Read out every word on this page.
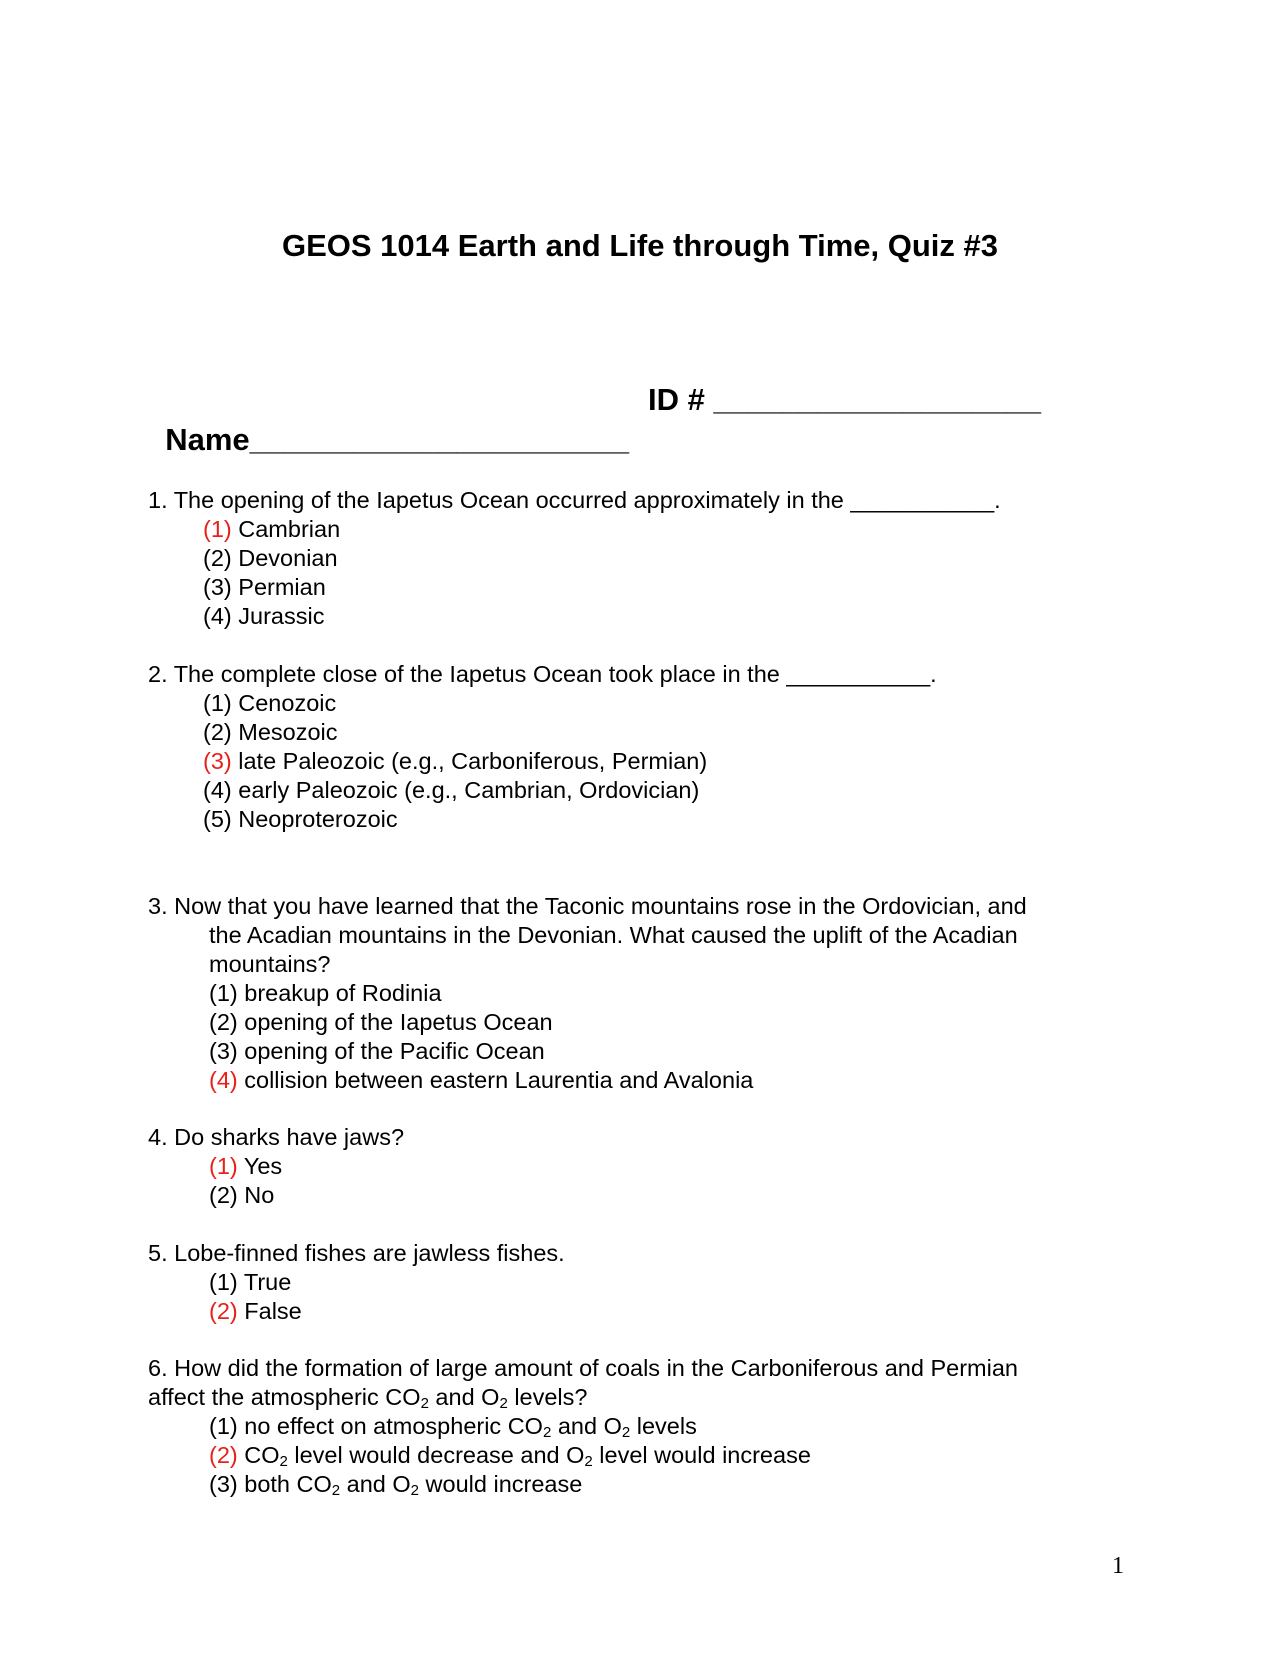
GEOS 1014 Earth and Life through Time, Quiz #3

Name______________________

ID # ___________________

1. The opening of the Iapetus Ocean occurred approximately in the ___________.
(1) Cambrian
(2) Devonian
(3) Permian
(4) Jurassic
2. The complete close of the Iapetus Ocean took place in the ___________.
(1) Cenozoic
(2) Mesozoic
(3) late Paleozoic (e.g., Carboniferous, Permian)
(4) early Paleozoic (e.g., Cambrian, Ordovician)
(5) Neoproterozoic
3. Now that you have learned that the Taconic mountains rose in the Ordovician, and
the Acadian mountains in the Devonian. What caused the uplift of the Acadian
mountains?
(1) breakup of Rodinia
(2) opening of the Iapetus Ocean
(3) opening of the Pacific Ocean
(4) collision between eastern Laurentia and Avalonia
4. Do sharks have jaws?
(1) Yes
(2) No
5. Lobe-finned fishes are jawless fishes.
(1) True
(2) False
6. How did the formation of large amount of coals in the Carboniferous and Permian
affect the atmospheric $CO_2$ and $O_2$ levels?
(1) no effect on atmospheric $CO_2$ and $O_2$ levels
(2) $CO_2$ level would decrease and $O_2$ level would increase
(3) both $CO_2$ and $O_2$ would increase
1
